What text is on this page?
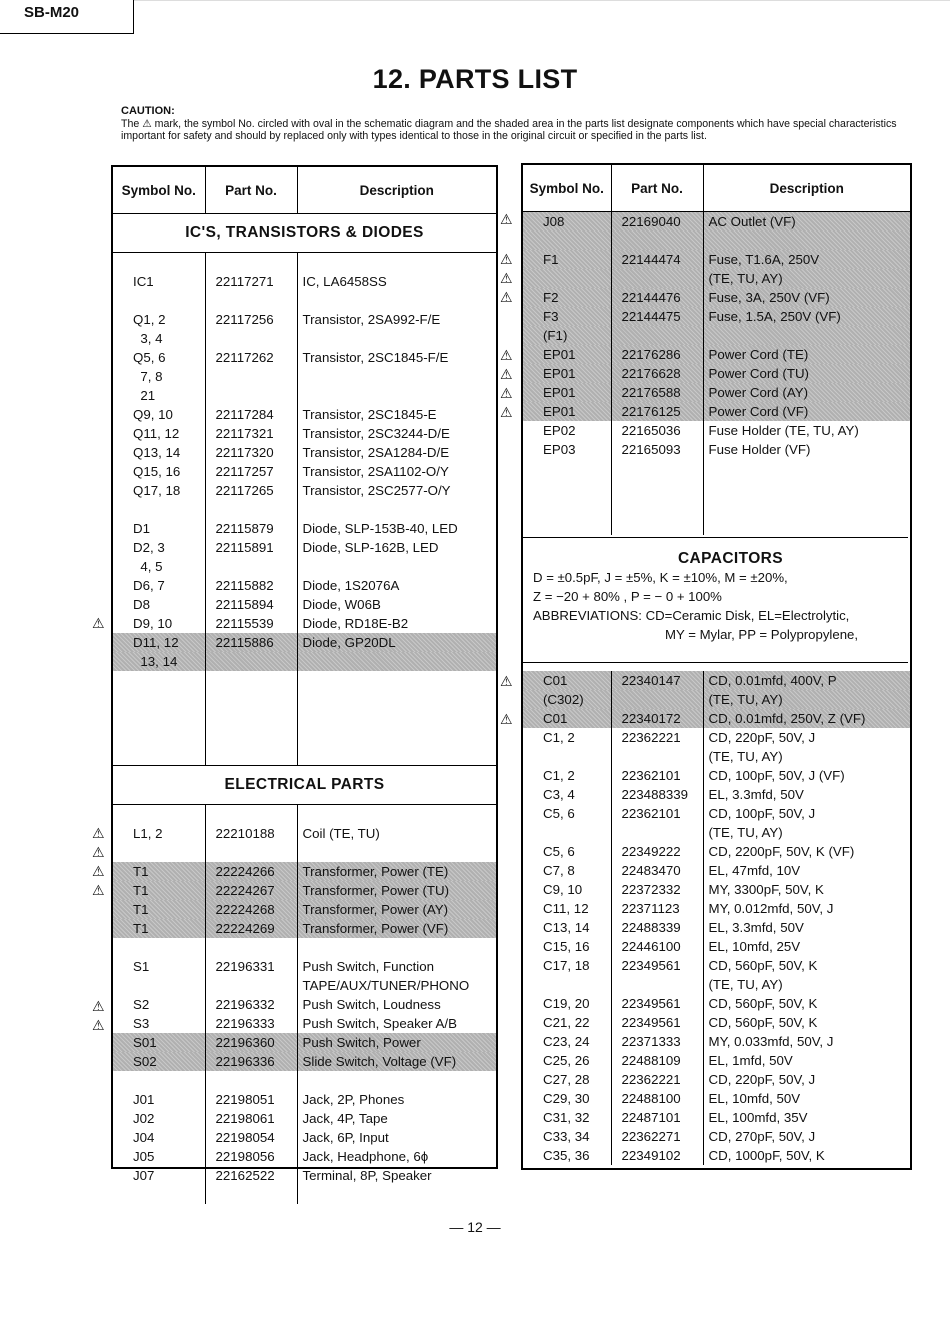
SB-M20
12. PARTS LIST
CAUTION:
The ⚠ mark, the symbol No. circled with oval in the schematic diagram and the shaded area in the parts list designate components which have special characteristics important for safety and should by replaced only with types identical to those in the original circuit or specified in the parts list.
Symbol No.	Part No.	Description
IC'S, TRANSISTORS & DIODES		

IC1	22117271	IC, LA6458SS

Q1, 2	22117256	Transistor, 2SA992-F/E
3, 4		
Q5, 6	22117262	Transistor, 2SC1845-F/E
7, 8		
21		
Q9, 10	22117284	Transistor, 2SC1845-E
Q11, 12	22117321	Transistor, 2SC3244-D/E
Q13, 14	22117320	Transistor, 2SA1284-D/E
Q15, 16	22117257	Transistor, 2SA1102-O/Y
Q17, 18	22117265	Transistor, 2SC2577-O/Y

D1	22115879	Diode, SLP-153B-40, LED
D2, 3	22115891	Diode, SLP-162B, LED
4, 5		
D6, 7	22115882	Diode, 1S2076A
D8	22115894	Diode, W06B
D9, 10	22115539	Diode, RD18E-B2
D11, 12	22115886	Diode, GP20DL
13, 14		

ELECTRICAL PARTS		

L1, 2	22210188	Coil (TE, TU)

T1	22224266	Transformer, Power (TE)
T1	22224267	Transformer, Power (TU)
T1	22224268	Transformer, Power (AY)
T1	22224269	Transformer, Power (VF)

S1	22196331	Push Switch, Function
		TAPE/AUX/TUNER/PHONO
S2	22196332	Push Switch, Loudness
S3	22196333	Push Switch, Speaker A/B
S01	22196360	Push Switch, Power
S02	22196336	Slide Switch, Voltage (VF)

J01	22198051	Jack, 2P, Phones
J02	22198061	Jack, 4P, Tape
J04	22198054	Jack, 6P, Input
J05	22198056	Jack, Headphone, 6ϕ
J07	22162522	Terminal, 8P, Speaker

Symbol No.	Part No.	Description
J08	22169040	AC Outlet (VF)

F1	22144474	Fuse, T1.6A, 250V
		(TE, TU, AY)
F2	22144476	Fuse, 3A, 250V (VF)
F3	22144475	Fuse, 1.5A, 250V (VF)
(F1)		
EP01	22176286	Power Cord (TE)
EP01	22176628	Power Cord (TU)
EP01	22176588	Power Cord (AY)
EP01	22176125	Power Cord (VF)
EP02	22165036	Fuse Holder (TE, TU, AY)
EP03	22165093	Fuse Holder (VF)

CAPACITORS
D = ±0.5pF, J = ±5%, K = ±10%, M = ±20%,
Z = −20 + 80% , P = − 0 + 100%
ABBREVIATIONS: CD=Ceramic Disk, EL=Electrolytic,
MY = Mylar, PP = Polypropylene,
C01	22340147	CD, 0.01mfd, 400V, P
(C302)		(TE, TU, AY)
C01	22340172	CD, 0.01mfd, 250V, Z (VF)
C1, 2	22362221	CD, 220pF, 50V, J
		(TE, TU, AY)
C1, 2	22362101	CD, 100pF, 50V, J (VF)
C3, 4	223488339	EL, 3.3mfd, 50V
C5, 6	22362101	CD, 100pF, 50V, J
		(TE, TU, AY)
C5, 6	22349222	CD, 2200pF, 50V, K (VF)
C7, 8	22483470	EL, 47mfd, 10V
C9, 10	22372332	MY, 3300pF, 50V, K
C11, 12	22371123	MY, 0.012mfd, 50V, J
C13, 14	22488339	EL, 3.3mfd, 50V
C15, 16	22446100	EL, 10mfd, 25V
C17, 18	22349561	CD, 560pF, 50V, K
		(TE, TU, AY)
C19, 20	22349561	CD, 560pF, 50V, K
C21, 22	22349561	CD, 560pF, 50V, K
C23, 24	22371333	MY, 0.033mfd, 50V, J
C25, 26	22488109	EL, 1mfd, 50V
C27, 28	22362221	CD, 220pF, 50V, J
C29, 30	22488100	EL, 10mfd, 50V
C31, 32	22487101	EL, 100mfd, 35V
C33, 34	22362271	CD, 270pF, 50V, J
C35, 36	22349102	CD, 1000pF, 50V, K
⚠
⚠
⚠
⚠
⚠
⚠
⚠
⚠
⚠
⚠
⚠
⚠
⚠
⚠
⚠
⚠
⚠
— 12 —
